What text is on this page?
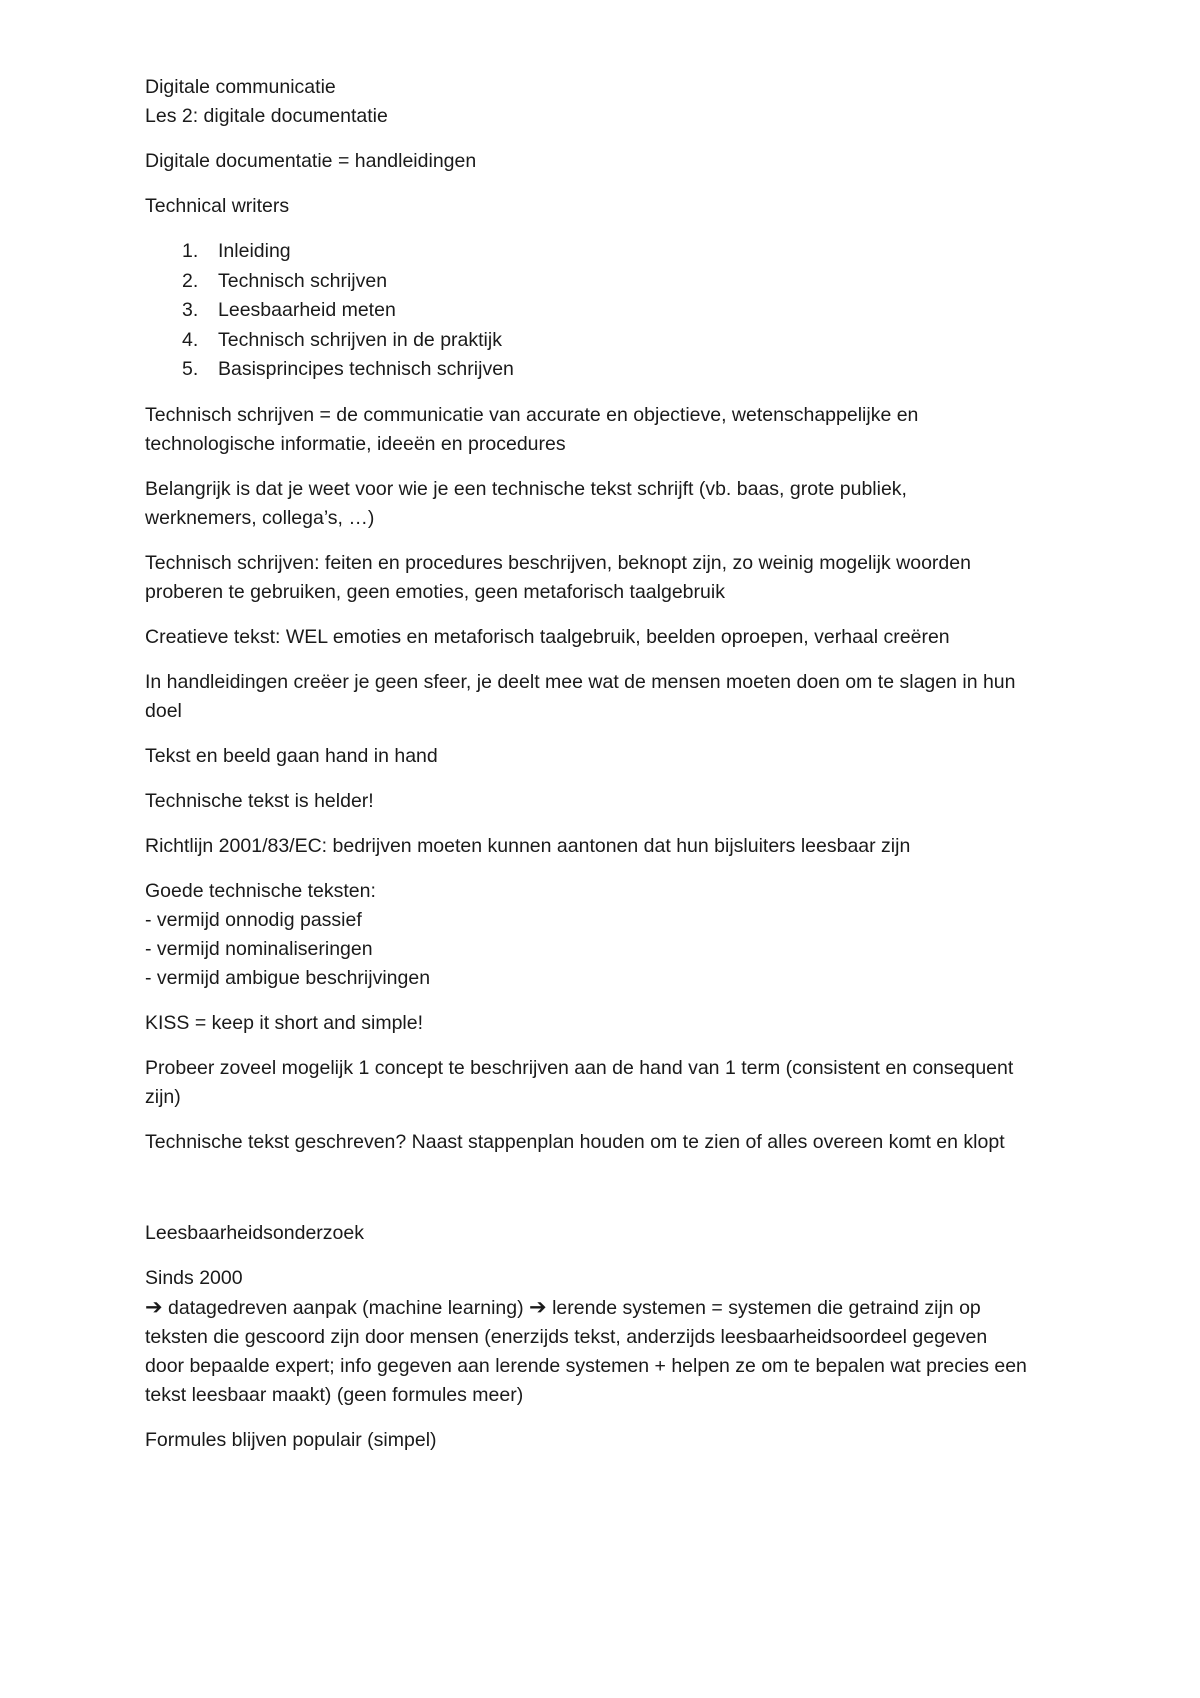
Digitale communicatie
Les 2: digitale documentatie
Digitale documentatie = handleidingen
Technical writers
1.	Inleiding
2.	Technisch schrijven
3.	Leesbaarheid meten
4.	Technisch schrijven in de praktijk
5.	Basisprincipes technisch schrijven
Technisch schrijven = de communicatie van accurate en objectieve, wetenschappelijke en
technologische informatie, ideeën en procedures
Belangrijk is dat je weet voor wie je een technische tekst schrijft (vb. baas, grote publiek,
werknemers, collega’s, …)
Technisch schrijven: feiten en procedures beschrijven, beknopt zijn, zo weinig mogelijk woorden
proberen te gebruiken, geen emoties, geen metaforisch taalgebruik
Creatieve tekst: WEL emoties en metaforisch taalgebruik, beelden oproepen, verhaal creëren
In handleidingen creëer je geen sfeer, je deelt mee wat de mensen moeten doen om te slagen in hun
doel
Tekst en beeld gaan hand in hand
Technische tekst is helder!
Richtlijn 2001/83/EC: bedrijven moeten kunnen aantonen dat hun bijsluiters leesbaar zijn
Goede technische teksten:
- vermijd onnodig passief
- vermijd nominaliseringen
- vermijd ambigue beschrijvingen
KISS = keep it short and simple!
Probeer zoveel mogelijk 1 concept te beschrijven aan de hand van 1 term (consistent en consequent
zijn)
Technische tekst geschreven? Naast stappenplan houden om te zien of alles overeen komt en klopt
Leesbaarheidsonderzoek
Sinds 2000
➔ datagedreven aanpak (machine learning) ➔ lerende systemen = systemen die getraind zijn op
teksten die gescoord zijn door mensen (enerzijds tekst, anderzijds leesbaarheidsoordeel gegeven
door bepaalde expert; info gegeven aan lerende systemen + helpen ze om te bepalen wat precies een
tekst leesbaar maakt) (geen formules meer)
Formules blijven populair (simpel)
